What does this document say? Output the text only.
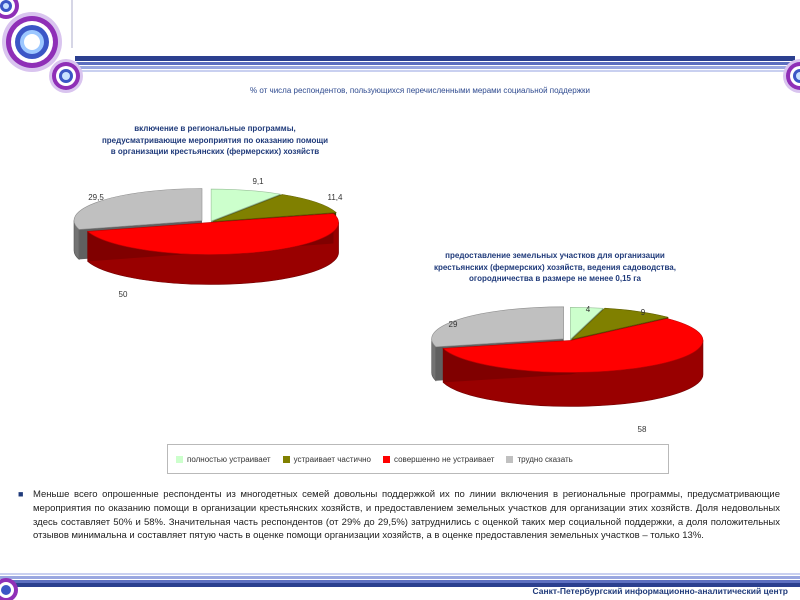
% от числа респондентов, пользующихся перечисленными мерами социальной поддержки
включение в региональные программы,
предусматривающие мероприятия по оказанию помощи
в организации крестьянских (фермерских) хозяйств
предоставление земельных участков для организации
крестьянских (фермерских) хозяйств, ведения садоводства,
огородничества в размере не менее 0,15 га
9,1
11,4
50
29,5
4	9
58
29
полностью устраивает	устраивает частично	совершенно не устраивает	трудно сказать
■ Меньше всего опрошенные респонденты из многодетных семей довольны поддержкой их по линии включения в региональные программы, предусматривающие мероприятия по оказанию помощи в организации крестьянских хозяйств, и предоставлением земельных участков для организации этих хозяйств. Доля недовольных здесь составляет 50% и 58%. Значительная часть респондентов (от 29% до 29,5%) затруднились с оценкой таких мер социальной поддержки, а доля положительных отзывов минимальна и составляет пятую часть в оценке помощи организации хозяйств, а в оценке предоставления земельных участков – только 13%.
Санкт-Петербургский информационно-аналитический центр
